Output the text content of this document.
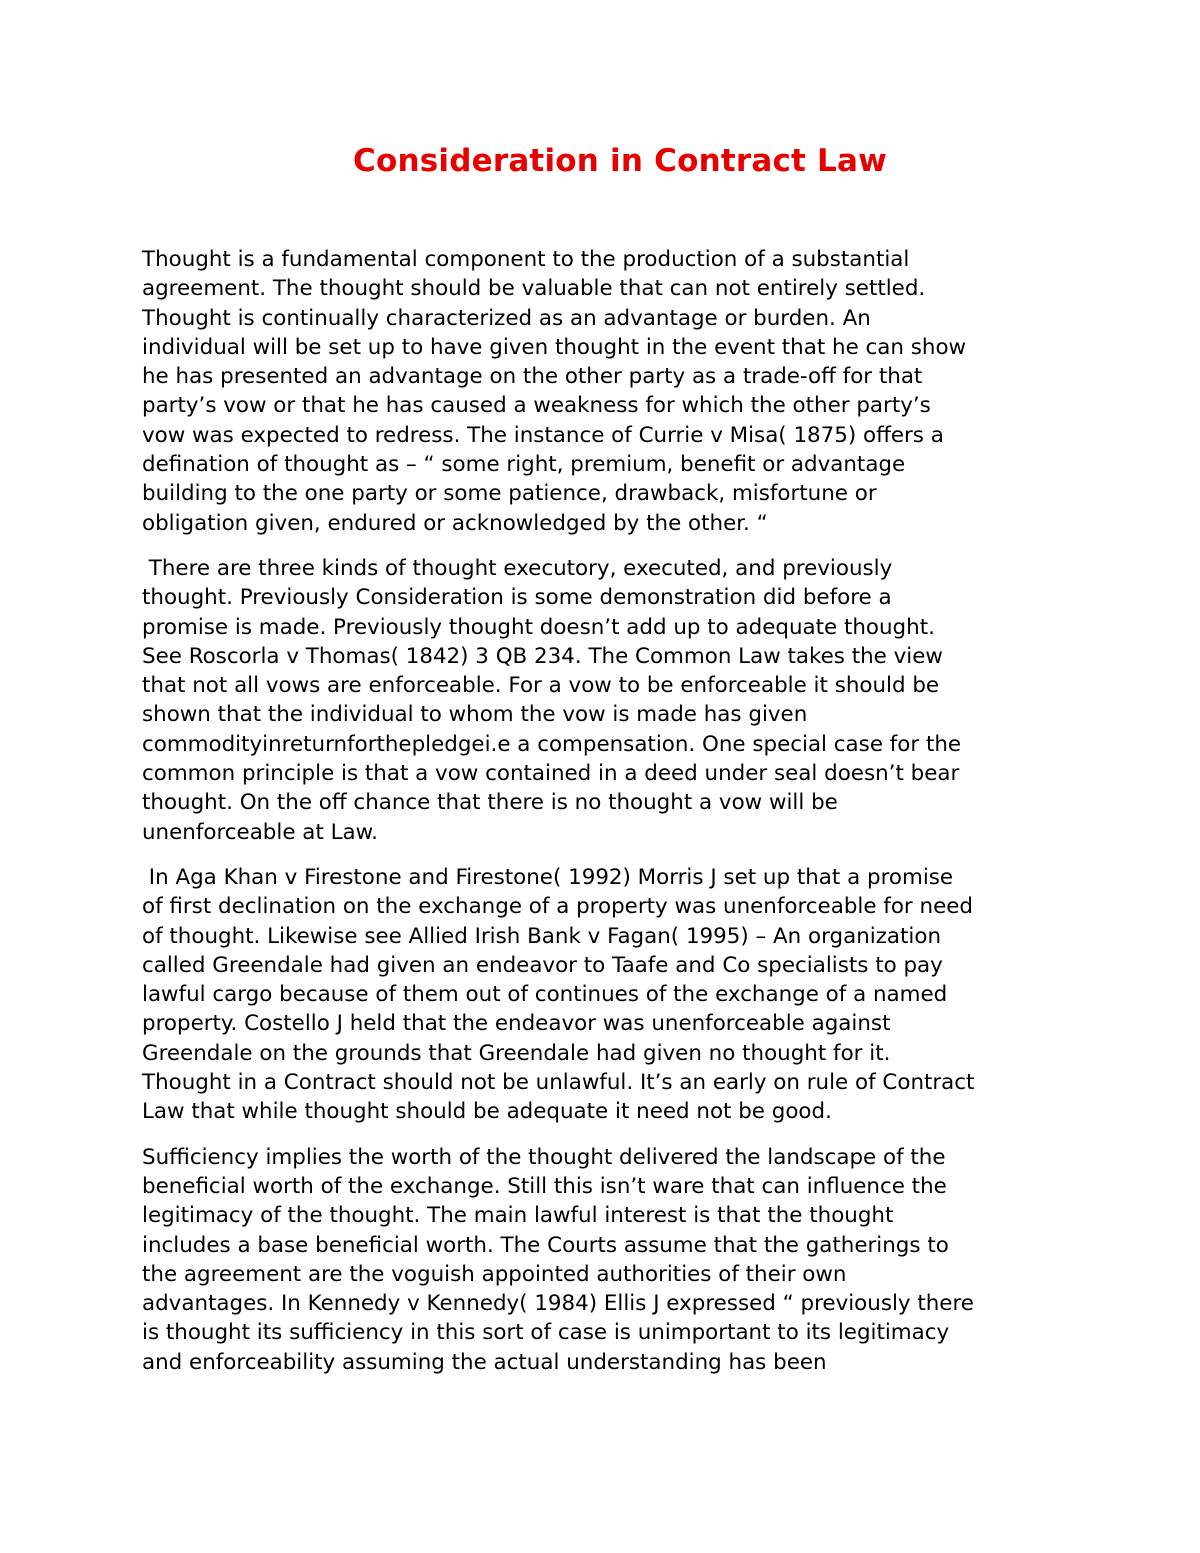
Consideration in Contract Law

Thought is a fundamental component to the production of a substantial
agreement. The thought should be valuable that can not entirely settled.
Thought is continually characterized as an advantage or burden. An
individual will be set up to have given thought in the event that he can show
he has presented an advantage on the other party as a trade-off for that
party’s vow or that he has caused a weakness for which the other party’s
vow was expected to redress. The instance of Currie v Misa( 1875) offers a
defination of thought as – “ some right, premium, benefit or advantage
building to the one party or some patience, drawback, misfortune or
obligation given, endured or acknowledged by the other. “

There are three kinds of thought executory, executed, and previously
thought. Previously Consideration is some demonstration did before a
promise is made. Previously thought doesn’t add up to adequate thought.
See Roscorla v Thomas( 1842) 3 QB 234. The Common Law takes the view
that not all vows are enforceable. For a vow to be enforceable it should be
shown that the individual to whom the vow is made has given
commodityinreturnforthepledgei.e a compensation. One special case for the
common principle is that a vow contained in a deed under seal doesn’t bear
thought. On the off chance that there is no thought a vow will be
unenforceable at Law.

In Aga Khan v Firestone and Firestone( 1992) Morris J set up that a promise
of first declination on the exchange of a property was unenforceable for need
of thought. Likewise see Allied Irish Bank v Fagan( 1995) – An organization
called Greendale had given an endeavor to Taafe and Co specialists to pay
lawful cargo because of them out of continues of the exchange of a named
property. Costello J held that the endeavor was unenforceable against
Greendale on the grounds that Greendale had given no thought for it.
Thought in a Contract should not be unlawful. It’s an early on rule of Contract
Law that while thought should be adequate it need not be good.

Sufficiency implies the worth of the thought delivered the landscape of the
beneficial worth of the exchange. Still this isn’t ware that can influence the
legitimacy of the thought. The main lawful interest is that the thought
includes a base beneficial worth. The Courts assume that the gatherings to
the agreement are the voguish appointed authorities of their own
advantages. In Kennedy v Kennedy( 1984) Ellis J expressed “ previously there
is thought its sufficiency in this sort of case is unimportant to its legitimacy
and enforceability assuming the actual understanding has been
